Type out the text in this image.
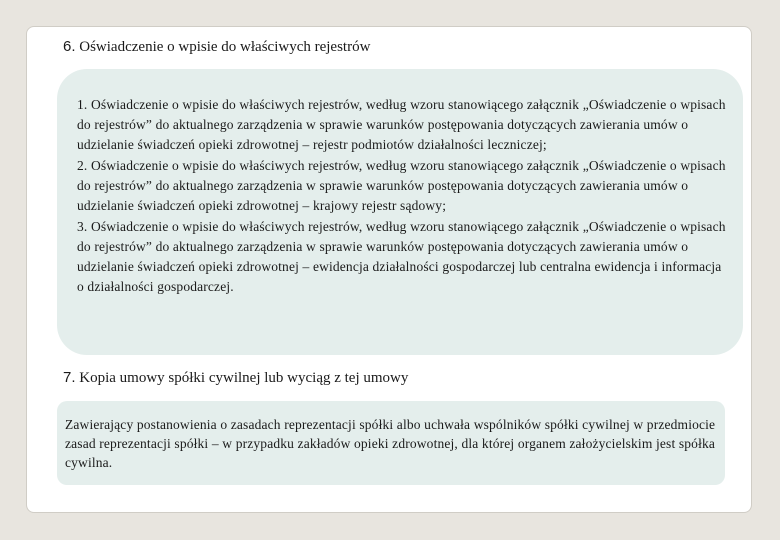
6. Oświadczenie o wpisie do właściwych rejestrów
1. Oświadczenie o wpisie do właściwych rejestrów, według wzoru stanowiącego załącznik „Oświadczenie o wpisach do rejestrów” do aktualnego zarządzenia w sprawie warunków postępowania dotyczących zawierania umów o udzielanie świadczeń opieki zdrowotnej – rejestr podmiotów działalności leczniczej;
2. Oświadczenie o wpisie do właściwych rejestrów, według wzoru stanowiącego załącznik „Oświadczenie o wpisach do rejestrów” do aktualnego zarządzenia w sprawie warunków postępowania dotyczących zawierania umów o udzielanie świadczeń opieki zdrowotnej – krajowy rejestr sądowy;
3. Oświadczenie o wpisie do właściwych rejestrów, według wzoru stanowiącego załącznik „Oświadczenie o wpisach do rejestrów” do aktualnego zarządzenia w sprawie warunków postępowania dotyczących zawierania umów o udzielanie świadczeń opieki zdrowotnej – ewidencja działalności gospodarczej lub centralna ewidencja i informacja o działalności gospodarczej.
7. Kopia umowy spółki cywilnej lub wyciąg z tej umowy
Zawierający postanowienia o zasadach reprezentacji spółki albo uchwała wspólników spółki cywilnej w przedmiocie zasad reprezentacji spółki – w przypadku zakładów opieki zdrowotnej, dla której organem założycielskim jest spółka cywilna.
